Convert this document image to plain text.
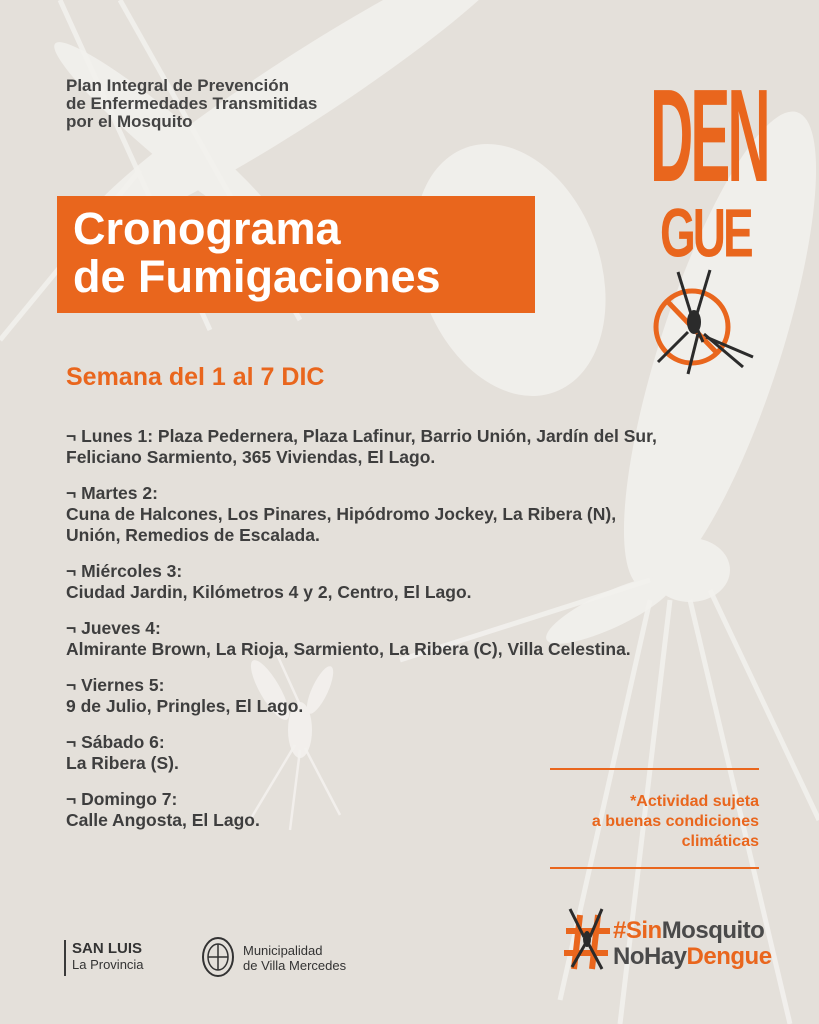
Plan Integral de Prevención
de Enfermedades Transmitidas
por el Mosquito
Cronograma
de Fumigaciones
DEN
GUE
Semana del 1 al 7 DIC
¬ Lunes 1: Plaza Pedernera, Plaza Lafinur, Barrio Unión, Jardín del Sur,
Feliciano Sarmiento, 365 Viviendas, El Lago.
¬ Martes 2:
Cuna de Halcones, Los Pinares, Hipódromo Jockey, La Ribera (N),
Unión, Remedios de Escalada.
¬ Miércoles 3:
Ciudad Jardin, Kilómetros 4 y 2, Centro, El Lago.
¬ Jueves 4:
Almirante Brown, La Rioja, Sarmiento, La Ribera (C), Villa Celestina.
¬ Viernes 5:
9 de Julio, Pringles, El Lago.
¬ Sábado 6:
La Ribera (S).
¬ Domingo 7:
Calle Angosta, El Lago.
*Actividad sujeta
a buenas condiciones
climáticas
#SinMosquito
NoHayDengue
SAN LUIS
La Provincia
Municipalidad
de Villa Mercedes
